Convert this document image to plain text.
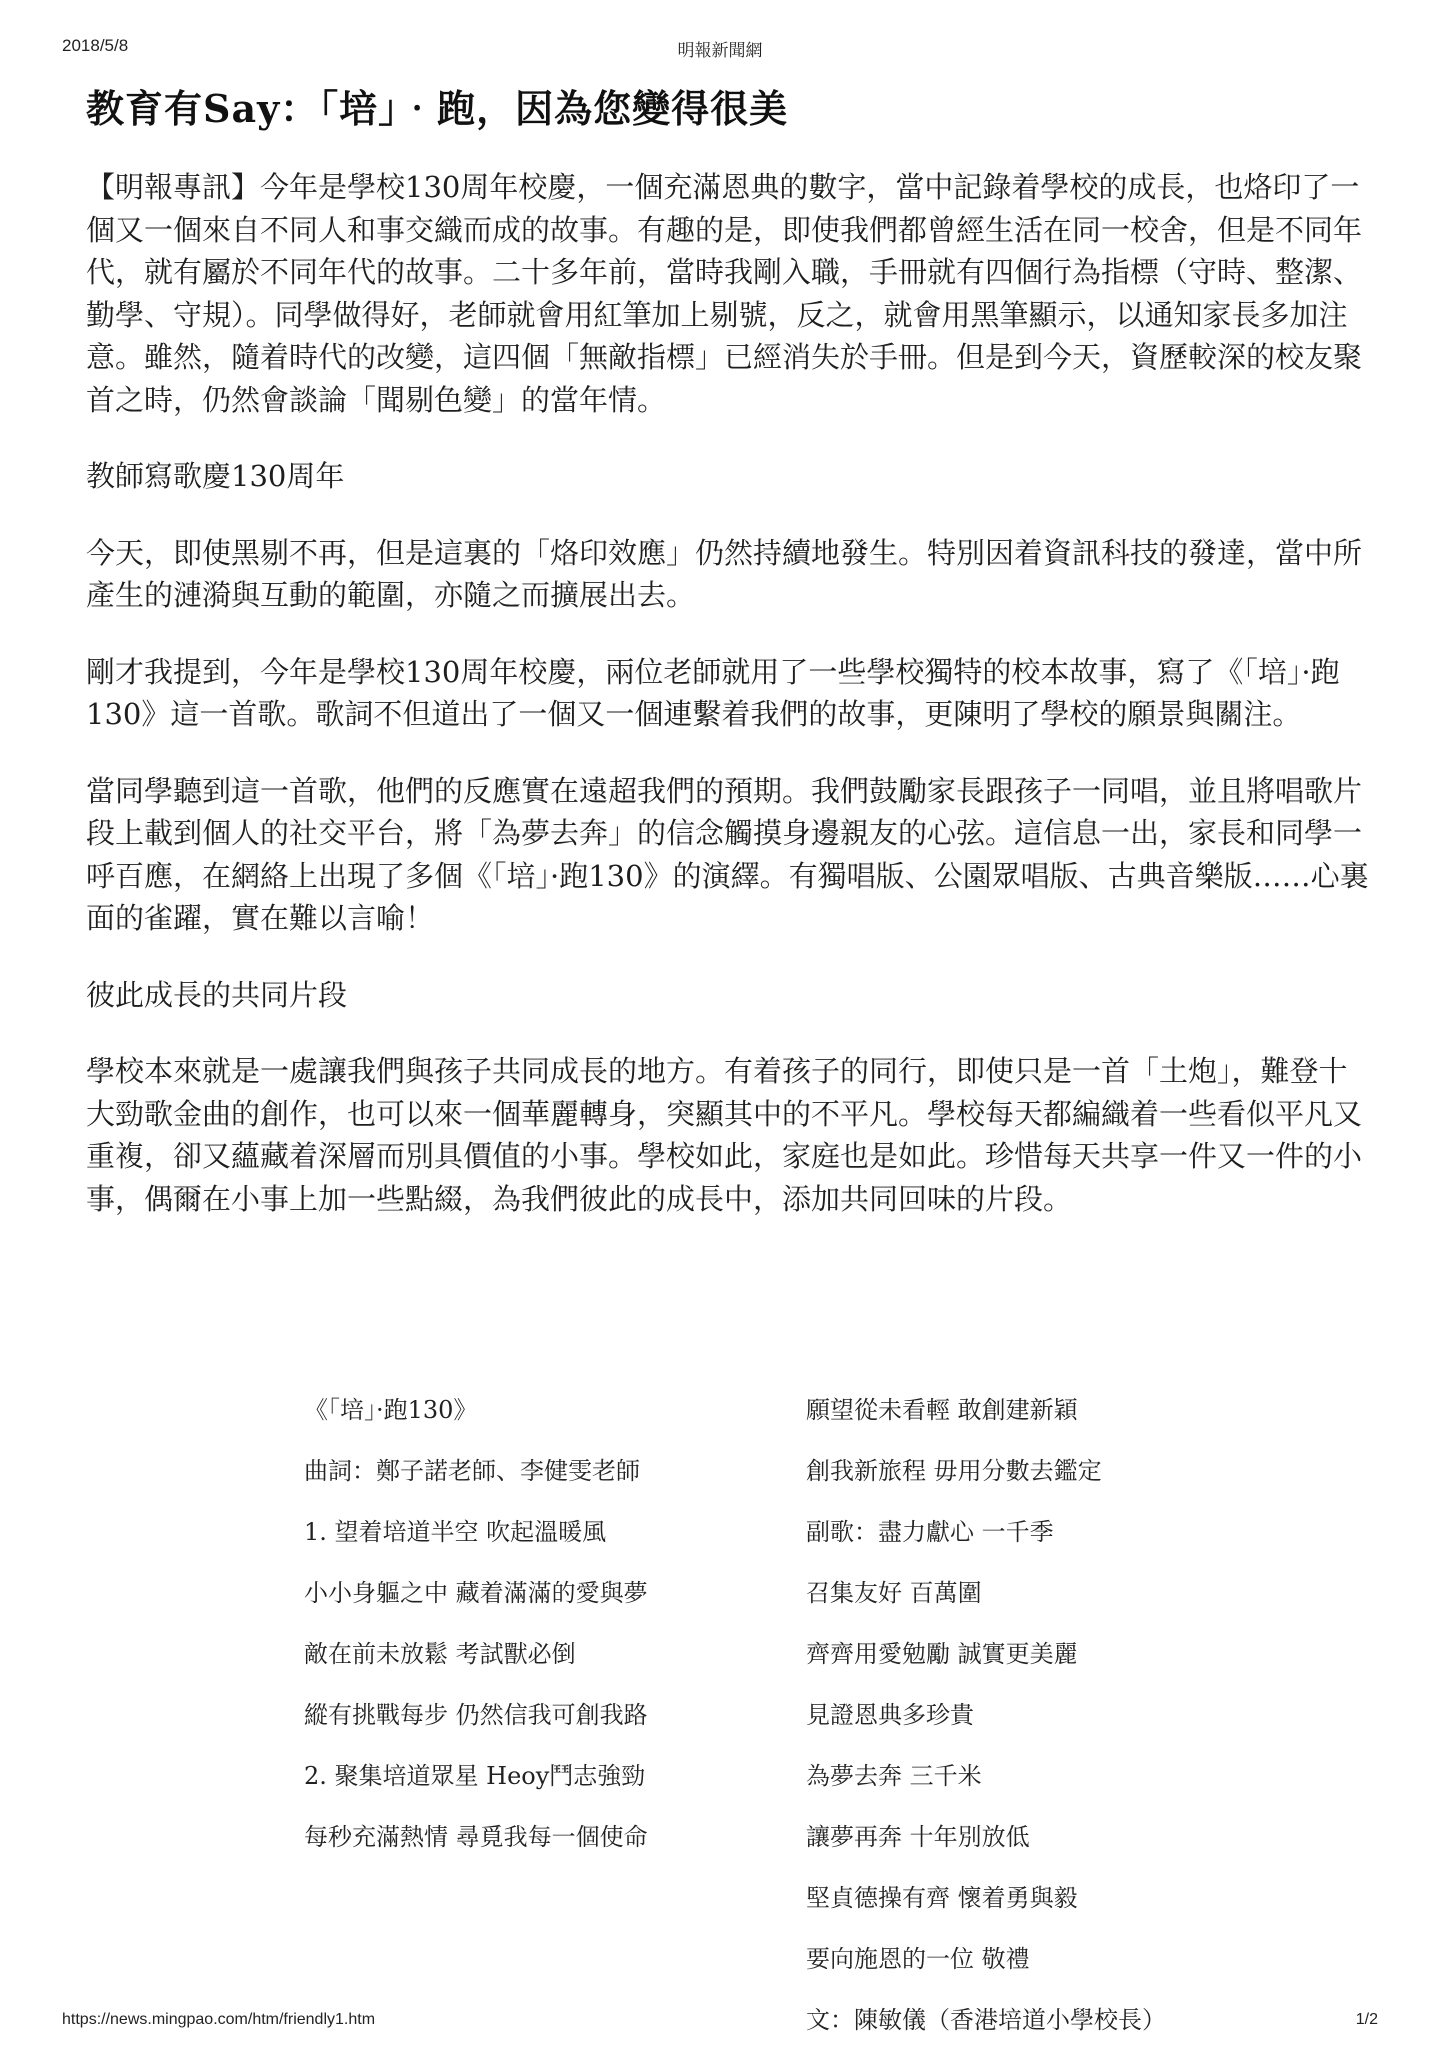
2018/5/8	明報新聞網
教育有Say：「培」‧跑，因為您變得很美

【明報專訊】今年是學校130周年校慶，一個充滿恩典的數字，當中記錄着學校的成長，也烙印了一個又一個來自不同人和事交織而成的故事。有趣的是，即使我們都曾經生活在同一校舍，但是不同年代，就有屬於不同年代的故事。二十多年前，當時我剛入職，手冊就有四個行為指標（守時、整潔、勤學、守規）。同學做得好，老師就會用紅筆加上剔號，反之，就會用黑筆顯示，以通知家長多加注意。雖然，隨着時代的改變，這四個「無敵指標」已經消失於手冊。但是到今天，資歷較深的校友聚首之時，仍然會談論「聞剔色變」的當年情。

教師寫歌慶130周年

今天，即使黑剔不再，但是這裏的「烙印效應」仍然持續地發生。特別因着資訊科技的發達，當中所產生的漣漪與互動的範圍，亦隨之而擴展出去。

剛才我提到，今年是學校130周年校慶，兩位老師就用了一些學校獨特的校本故事，寫了《「培」·跑130》這一首歌。歌詞不但道出了一個又一個連繫着我們的故事，更陳明了學校的願景與關注。

當同學聽到這一首歌，他們的反應實在遠超我們的預期。我們鼓勵家長跟孩子一同唱，並且將唱歌片段上載到個人的社交平台，將「為夢去奔」的信念觸摸身邊親友的心弦。這信息一出，家長和同學一呼百應，在網絡上出現了多個《「培」·跑130》的演繹。有獨唱版、公園眾唱版、古典音樂版……心裏面的雀躍，實在難以言喻！

彼此成長的共同片段

學校本來就是一處讓我們與孩子共同成長的地方。有着孩子的同行，即使只是一首「土炮」，難登十大勁歌金曲的創作，也可以來一個華麗轉身，突顯其中的不平凡。學校每天都編織着一些看似平凡又重複，卻又蘊藏着深層而別具價值的小事。學校如此，家庭也是如此。珍惜每天共享一件又一件的小事，偶爾在小事上加一些點綴，為我們彼此的成長中，添加共同回味的片段。

《「培」·跑130》
曲詞：鄭子諾老師、李健雯老師
1. 望着培道半空 吹起溫暖風
小小身軀之中 藏着滿滿的愛與夢
敵在前未放鬆 考試獸必倒
縱有挑戰每步 仍然信我可創我路
2. 聚集培道眾星 Heoy鬥志強勁
每秒充滿熱情 尋覓我每一個使命
願望從未看輕 敢創建新穎
創我新旅程 毋用分數去鑑定
副歌：盡力獻心 一千季
召集友好 百萬圍
齊齊用愛勉勵 誠實更美麗
見證恩典多珍貴
為夢去奔 三千米
讓夢再奔 十年別放低
堅貞德操有齊 懷着勇與毅
要向施恩的一位 敬禮
文：陳敏儀（香港培道小學校長）
https://news.mingpao.com/htm/friendly1.htm	1/2
